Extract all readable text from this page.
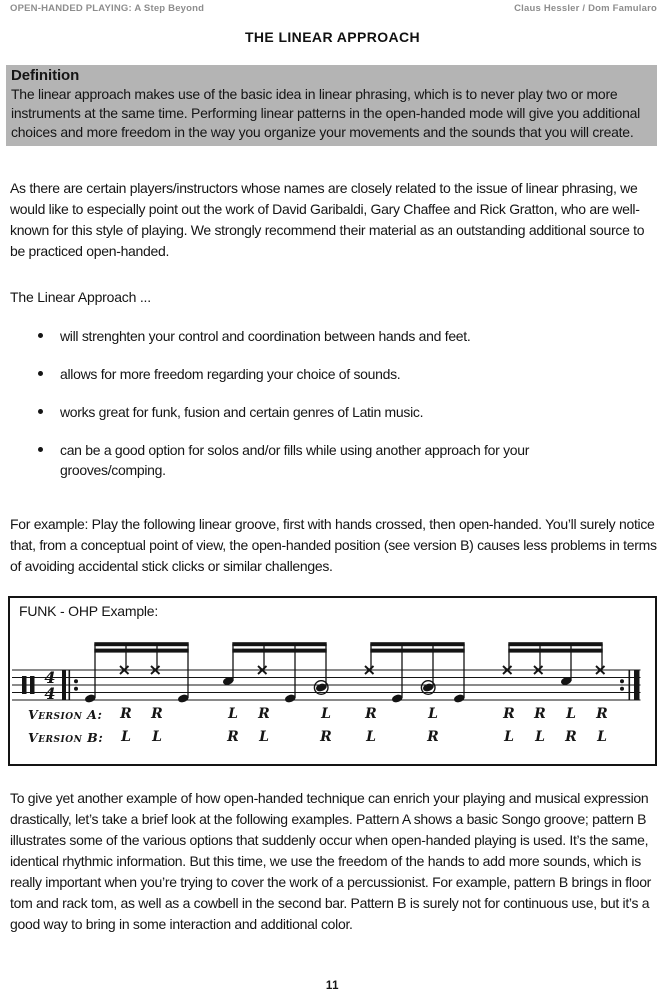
OPEN-HANDED PLAYING: A Step Beyond	Claus Hessler / Dom Famularo
THE LINEAR APPROACH
Definition
The linear approach makes use of the basic idea in linear phrasing, which is to never play two or more instruments at the same time. Performing linear patterns in the open-handed mode will give you additional choices and more freedom in the way you organize your movements and the sounds that you will create.
As there are certain players/instructors whose names are closely related to the issue of linear phrasing, we would like to especially point out the work of David Garibaldi, Gary Chaffee and Rick Gratton, who are well-known for this style of playing. We strongly recommend their material as an outstanding additional source to be practiced open-handed.
The Linear Approach ...
will strenghten your control and coordination between hands and feet.
allows for more freedom regarding your choice of sounds.
works great for funk, fusion and certain genres of Latin music.
can be a good option for solos and/or fills while using another approach for your grooves/comping.
For example: Play the following linear groove, first with hands crossed, then open-handed. You’ll surely notice that, from a conceptual point of view, the open-handed position (see version B) causes less problems in terms of avoiding accidental stick clicks or similar challenges.
FUNK - OHP Example:
4
4
Version A: R R	L R	L R	L	R R L R
Version B: L L	R L	R L	R	L L R L
To give yet another example of how open-handed technique can enrich your playing and musical expression drastically, let’s take a brief look at the following examples. Pattern A shows a basic Songo groove; pattern B illustrates some of the various options that suddenly occur when open-handed playing is used. It’s the same, identical rhythmic information. But this time, we use the freedom of the hands to add more sounds, which is really important when you’re trying to cover the work of a percussionist. For example, pattern B brings in floor tom and rack tom, as well as a cowbell in the second bar. Pattern B is surely not for continuous use, but it’s a good way to bring in some interaction and additional color.
11
